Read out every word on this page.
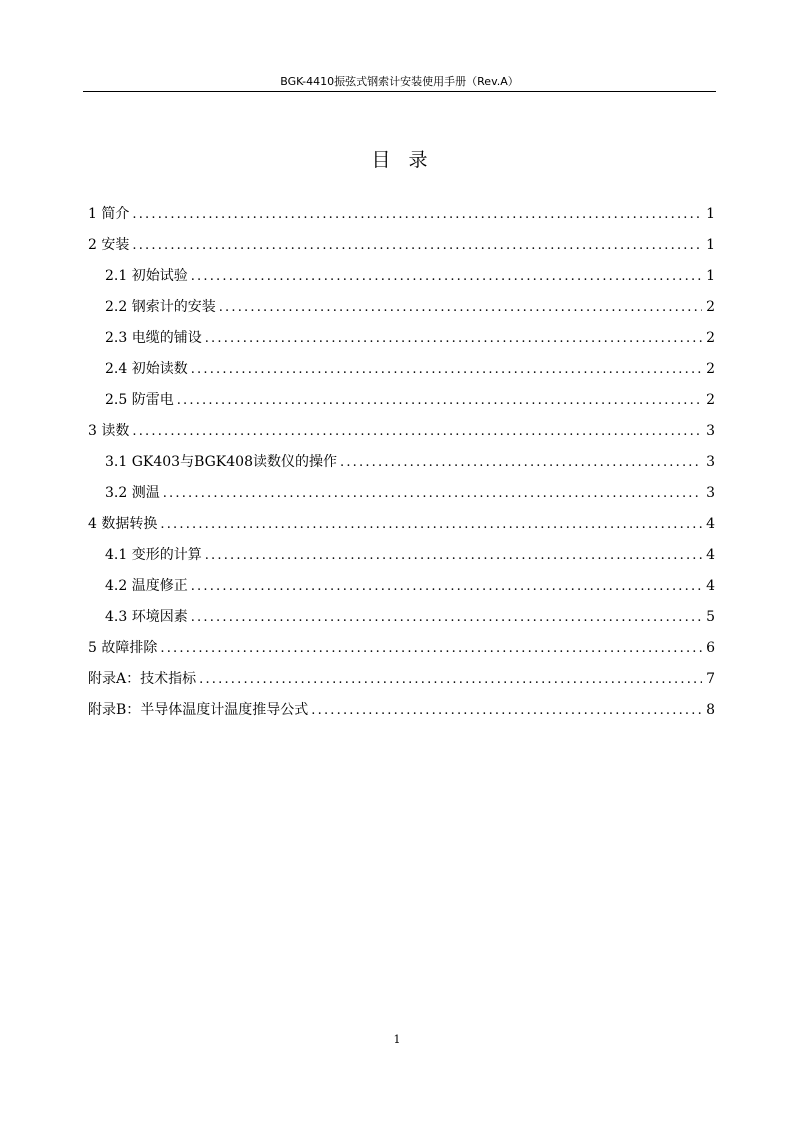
BGK-4410振弦式钢索计安装使用手册（Rev.A）
目录
1 简介 .....	1
2 安装 .....	1
2.1 初始试验 .....	1
2.2 钢索计的安装 .....	2
2.3 电缆的铺设 .....	2
2.4 初始读数 .....	2
2.5 防雷电 .....	2
3 读数 .....	3
3.1 GK403与BGK408读数仪的操作 .....	3
3.2 测温 .....	3
4 数据转换 .....	4
4.1 变形的计算 .....	4
4.2 温度修正 .....	4
4.3 环境因素 .....	5
5 故障排除 .....	6
附录A：技术指标 .....	7
附录B：半导体温度计温度推导公式 .....	8
1
